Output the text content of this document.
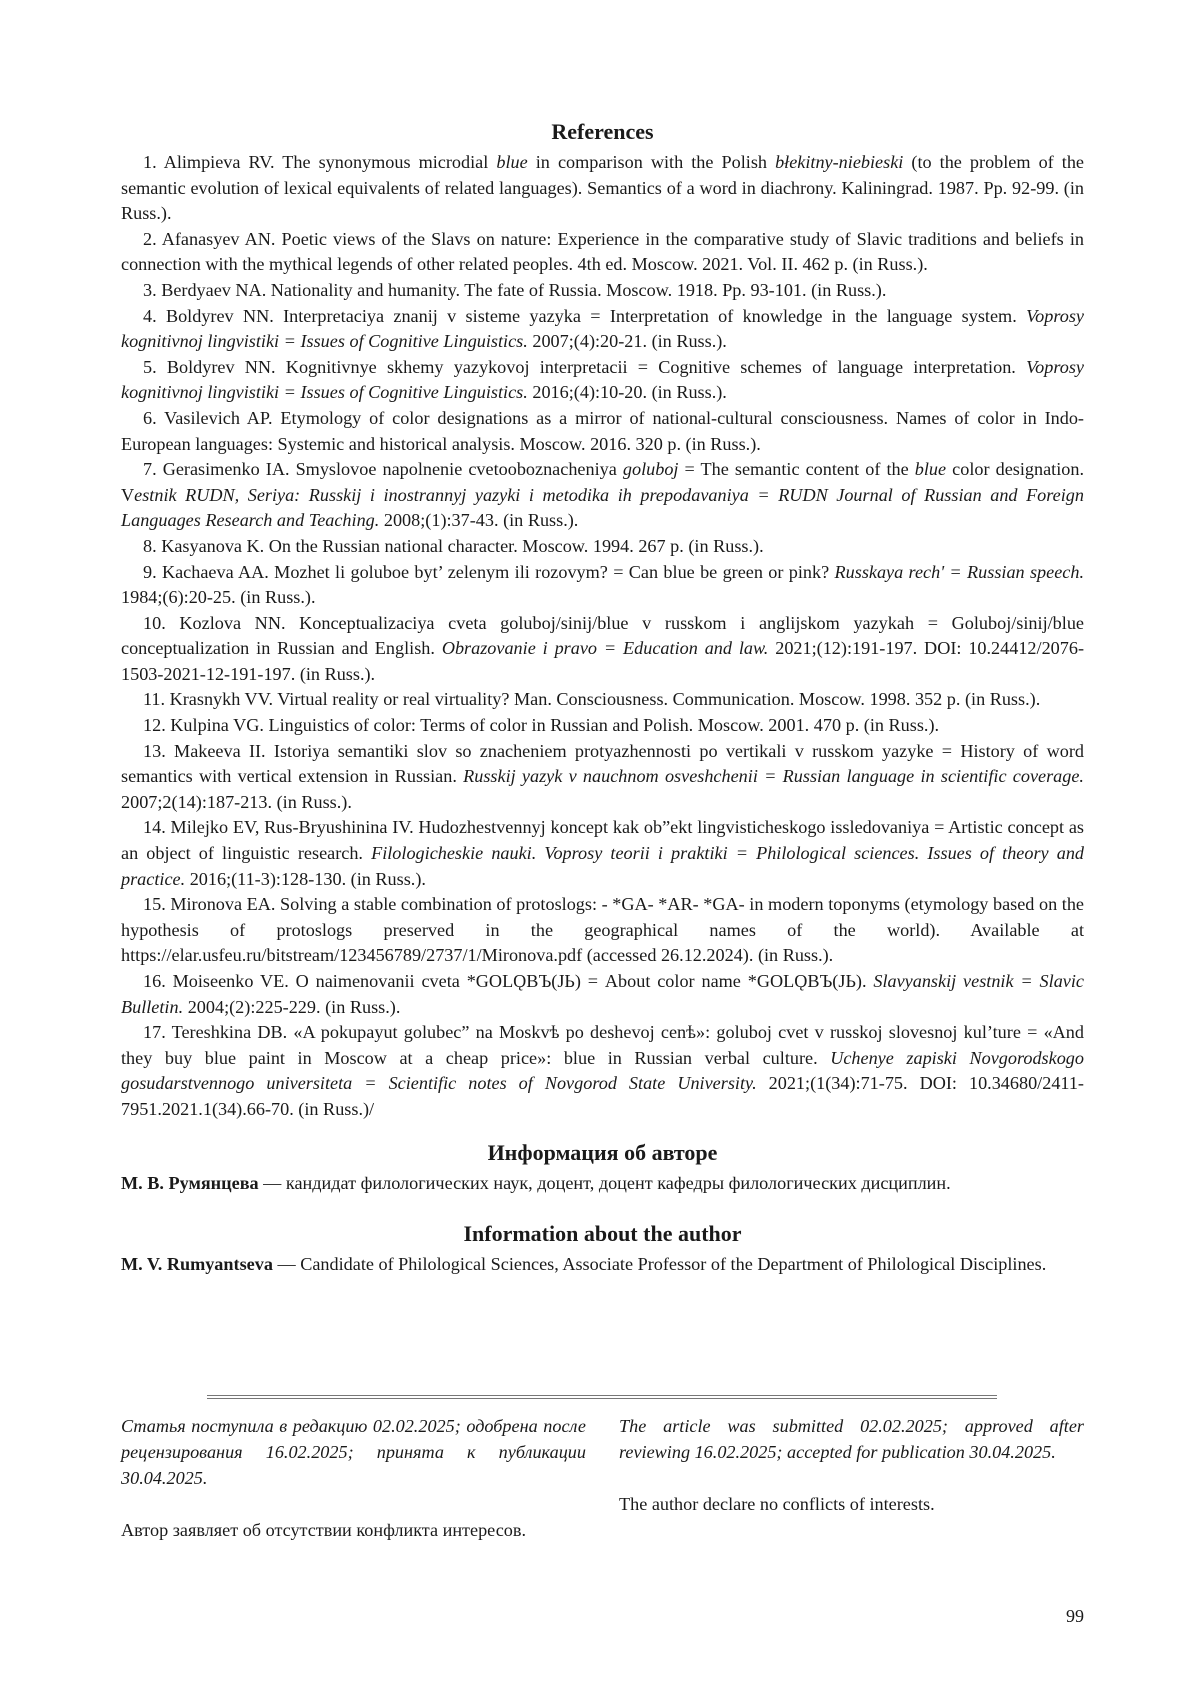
References

1. Alimpieva RV. The synonymous microdial blue in comparison with the Polish błekitny-niebieski (to the problem of the semantic evolution of lexical equivalents of related languages). Semantics of a word in diachrony. Kaliningrad. 1987. Pp. 92-99. (in Russ.).

2. Afanasyev AN. Poetic views of the Slavs on nature: Experience in the comparative study of Slavic traditions and beliefs in connection with the mythical legends of other related peoples. 4th ed. Moscow. 2021. Vol. II. 462 p. (in Russ.).

3. Berdyaev NA. Nationality and humanity. The fate of Russia. Moscow. 1918. Pp. 93-101. (in Russ.).

4. Boldyrev NN. Interpretaciya znanij v sisteme yazyka = Interpretation of knowledge in the language system. Voprosy kognitivnoj lingvistiki = Issues of Cognitive Linguistics. 2007;(4):20-21. (in Russ.).

5. Boldyrev NN. Kognitivnye skhemy yazykovoj interpretacii = Cognitive schemes of language interpretation. Voprosy kognitivnoj lingvistiki = Issues of Cognitive Linguistics. 2016;(4):10-20. (in Russ.).

6. Vasilevich AP. Etymology of color designations as a mirror of national-cultural consciousness. Names of color in Indo-European languages: Systemic and historical analysis. Moscow. 2016. 320 p. (in Russ.).

7. Gerasimenko IA. Smyslovoe napolnenie cvetooboznacheniya goluboj = The semantic content of the blue color designation. Vestnik RUDN, Seriya: Russkij i inostrannyj yazyki i metodika ih prepodavaniya = RUDN Journal of Russian and Foreign Languages Research and Teaching. 2008;(1):37-43. (in Russ.).

8. Kasyanova K. On the Russian national character. Moscow. 1994. 267 p. (in Russ.).

9. Kachaeva AA. Mozhet li goluboe byt’ zelenym ili rozovym? = Can blue be green or pink? Russkaya rech' = Russian speech. 1984;(6):20-25. (in Russ.).

10. Kozlova NN. Konceptualizaciya cveta goluboj/sinij/blue v russkom i anglijskom yazykah = Goluboj/sinij/blue conceptualization in Russian and English. Obrazovanie i pravo = Education and law. 2021;(12):191-197. DOI: 10.24412/2076-1503-2021-12-191-197. (in Russ.).

11. Krasnykh VV. Virtual reality or real virtuality? Man. Consciousness. Communication. Moscow. 1998. 352 p. (in Russ.).

12. Kulpina VG. Linguistics of color: Terms of color in Russian and Polish. Moscow. 2001. 470 p. (in Russ.).

13. Makeeva II. Istoriya semantiki slov so znacheniem protyazhennosti po vertikali v russkom yazyke = History of word semantics with vertical extension in Russian. Russkij yazyk v nauchnom osveshchenii = Russian language in scientific coverage. 2007;2(14):187-213. (in Russ.).

14. Milejko EV, Rus-Bryushinina IV. Hudozhestvennyj koncept kak ob”ekt lingvisticheskogo issledovaniya = Artistic concept as an object of linguistic research. Filologicheskie nauki. Voprosy teorii i praktiki = Philological sciences. Issues of theory and practice. 2016;(11-3):128-130. (in Russ.).

15. Mironova EA. Solving a stable combination of protoslogs: - *GA- *AR- *GA- in modern toponyms (etymology based on the hypothesis of protoslogs preserved in the geographical names of the world). Available at https://elar.usfeu.ru/bitstream/123456789/2737/1/Mironova.pdf (accessed 26.12.2024). (in Russ.).

16. Moiseenko VE. O naimenovanii cveta *GOLǪBЪ(JЬ) = About color name *GOLǪBЪ(JЬ). Slavyanskij vestnik = Slavic Bulletin. 2004;(2):225-229. (in Russ.).

17. Tereshkina DB. «A pokupayut golubec” na Moskvѣ po deshevoj cenѣ»: goluboj cvet v russkoj slovesnoj kul’ture = «And they buy blue paint in Moscow at a cheap price»: blue in Russian verbal culture. Uchenye zapiski Novgorodskogo gosudarstvennogo universiteta = Scientific notes of Novgorod State University. 2021;(1(34):71-75. DOI: 10.34680/2411-7951.2021.1(34).66-70. (in Russ.)/

Информация об авторе

М. В. Румянцева — кандидат филологических наук, доцент, доцент кафедры филологических дисциплин.

Information about the author

M. V. Rumyantseva — Candidate of Philological Sciences, Associate Professor of the Department of Philological Disciplines.

Статья поступила в редакцию 02.02.2025; одобрена после рецензирования 16.02.2025; принята к публикации 30.04.2025.

Автор заявляет об отсутствии конфликта интересов.

The article was submitted 02.02.2025; approved after reviewing 16.02.2025; accepted for publication 30.04.2025.

The author declare no conflicts of interests.

99
